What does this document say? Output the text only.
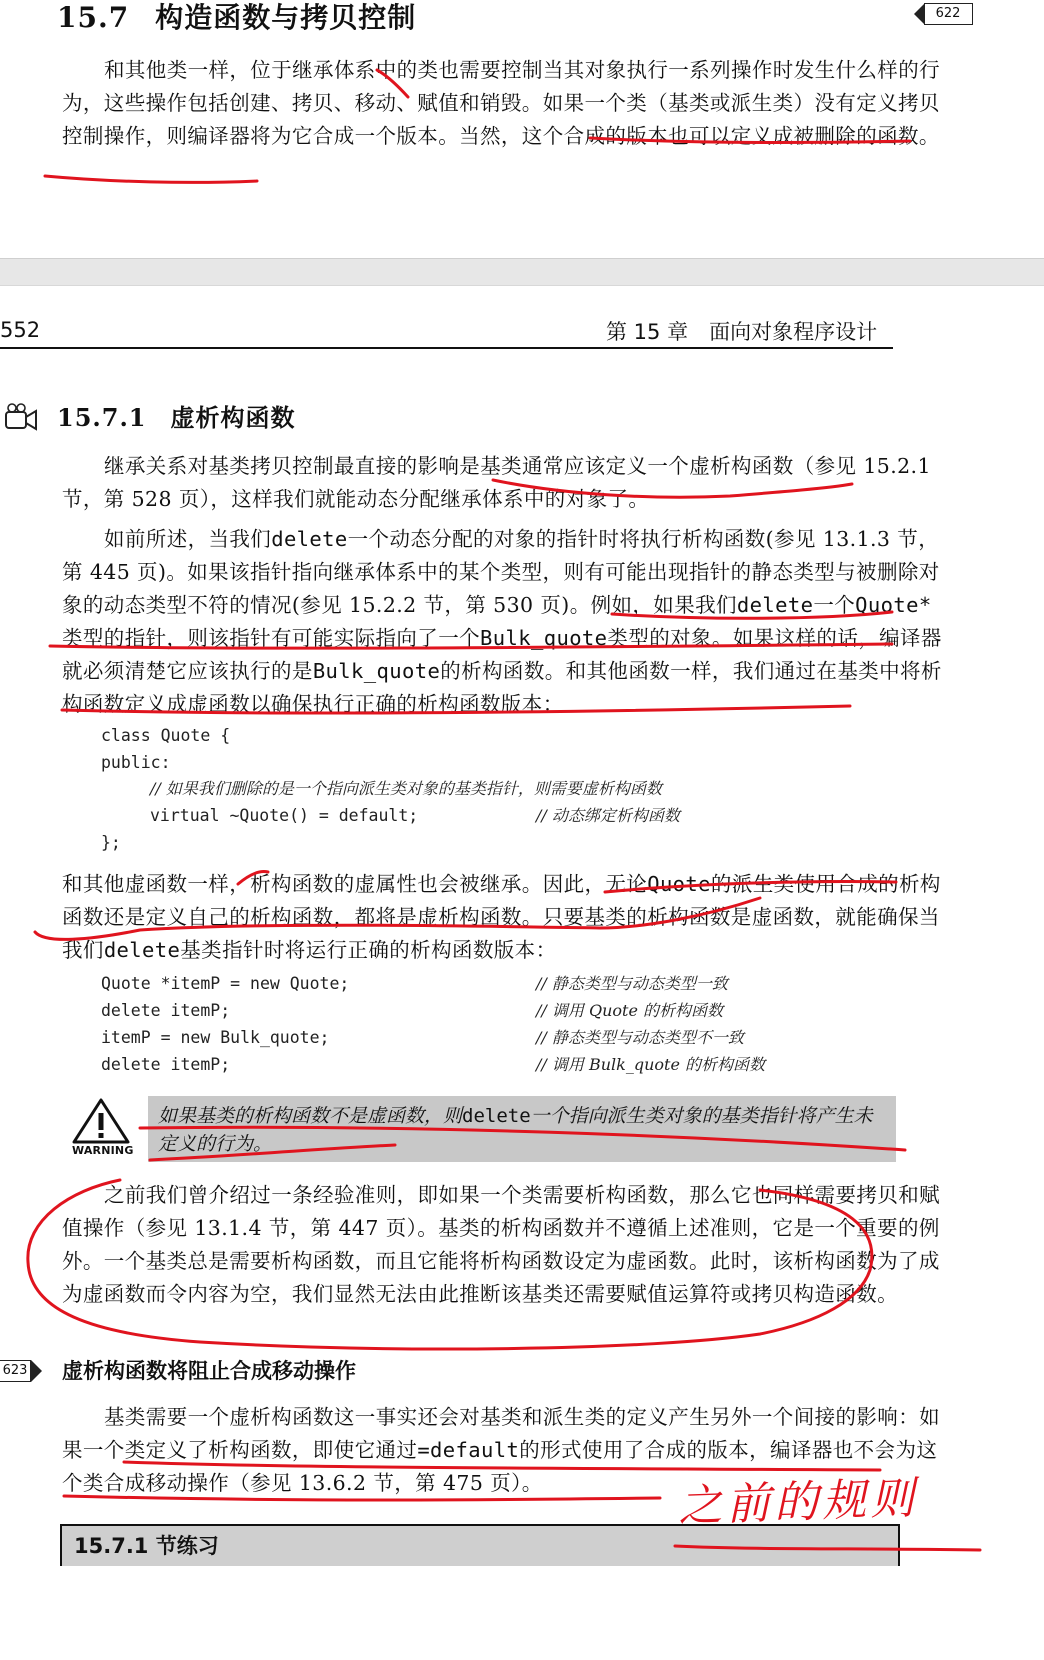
15.7 构造函数与拷贝控制	622
和其他类一样，位于继承体系中的类也需要控制当其对象执行一系列操作时发生什么样的行为，这些操作包括创建、拷贝、移动、赋值和销毁。如果一个类（基类或派生类）没有定义拷贝控制操作，则编译器将为它合成一个版本。当然，这个合成的版本也可以定义成被删除的函数。
552	第 15 章　面向对象程序设计
15.7.1 虚析构函数
继承关系对基类拷贝控制最直接的影响是基类通常应该定义一个虚析构函数（参见 15.2.1 节，第 528 页），这样我们就能动态分配继承体系中的对象了。
如前所述，当我们delete一个动态分配的对象的指针时将执行析构函数(参见 13.1.3 节，第 445 页)。如果该指针指向继承体系中的某个类型，则有可能出现指针的静态类型与被删除对象的动态类型不符的情况(参见 15.2.2 节，第 530 页)。例如，如果我们delete一个Quote*类型的指针，则该指针有可能实际指向了一个Bulk_quote类型的对象。如果这样的话，编译器就必须清楚它应该执行的是Bulk_quote的析构函数。和其他函数一样，我们通过在基类中将析构函数定义成虚函数以确保执行正确的析构函数版本：
class Quote {
public:
// 如果我们删除的是一个指向派生类对象的基类指针，则需要虚析构函数
virtual ~Quote() = default;	// 动态绑定析构函数
};
和其他虚函数一样，析构函数的虚属性也会被继承。因此，无论Quote的派生类使用合成的析构函数还是定义自己的析构函数，都将是虚析构函数。只要基类的析构函数是虚函数，就能确保当我们delete基类指针时将运行正确的析构函数版本：
Quote *itemP = new Quote;	// 静态类型与动态类型一致
delete itemP;	// 调用 Quote 的析构函数
itemP = new Bulk_quote;	// 静态类型与动态类型不一致
delete itemP;	// 调用 Bulk_quote 的析构函数
WARNING
如果基类的析构函数不是虚函数，则delete一个指向派生类对象的基类指针将产生未定义的行为。
之前我们曾介绍过一条经验准则，即如果一个类需要析构函数，那么它也同样需要拷贝和赋值操作（参见 13.1.4 节，第 447 页）。基类的析构函数并不遵循上述准则，它是一个重要的例外。一个基类总是需要析构函数，而且它能将析构函数设定为虚函数。此时，该析构函数为了成为虚函数而令内容为空，我们显然无法由此推断该基类还需要赋值运算符或拷贝构造函数。
623 虚析构函数将阻止合成移动操作
基类需要一个虚析构函数这一事实还会对基类和派生类的定义产生另外一个间接的影响：如果一个类定义了析构函数，即使它通过=default的形式使用了合成的版本，编译器也不会为这个类合成移动操作（参见 13.6.2 节，第 475 页）。
15.7.1 节练习
之前的规则
